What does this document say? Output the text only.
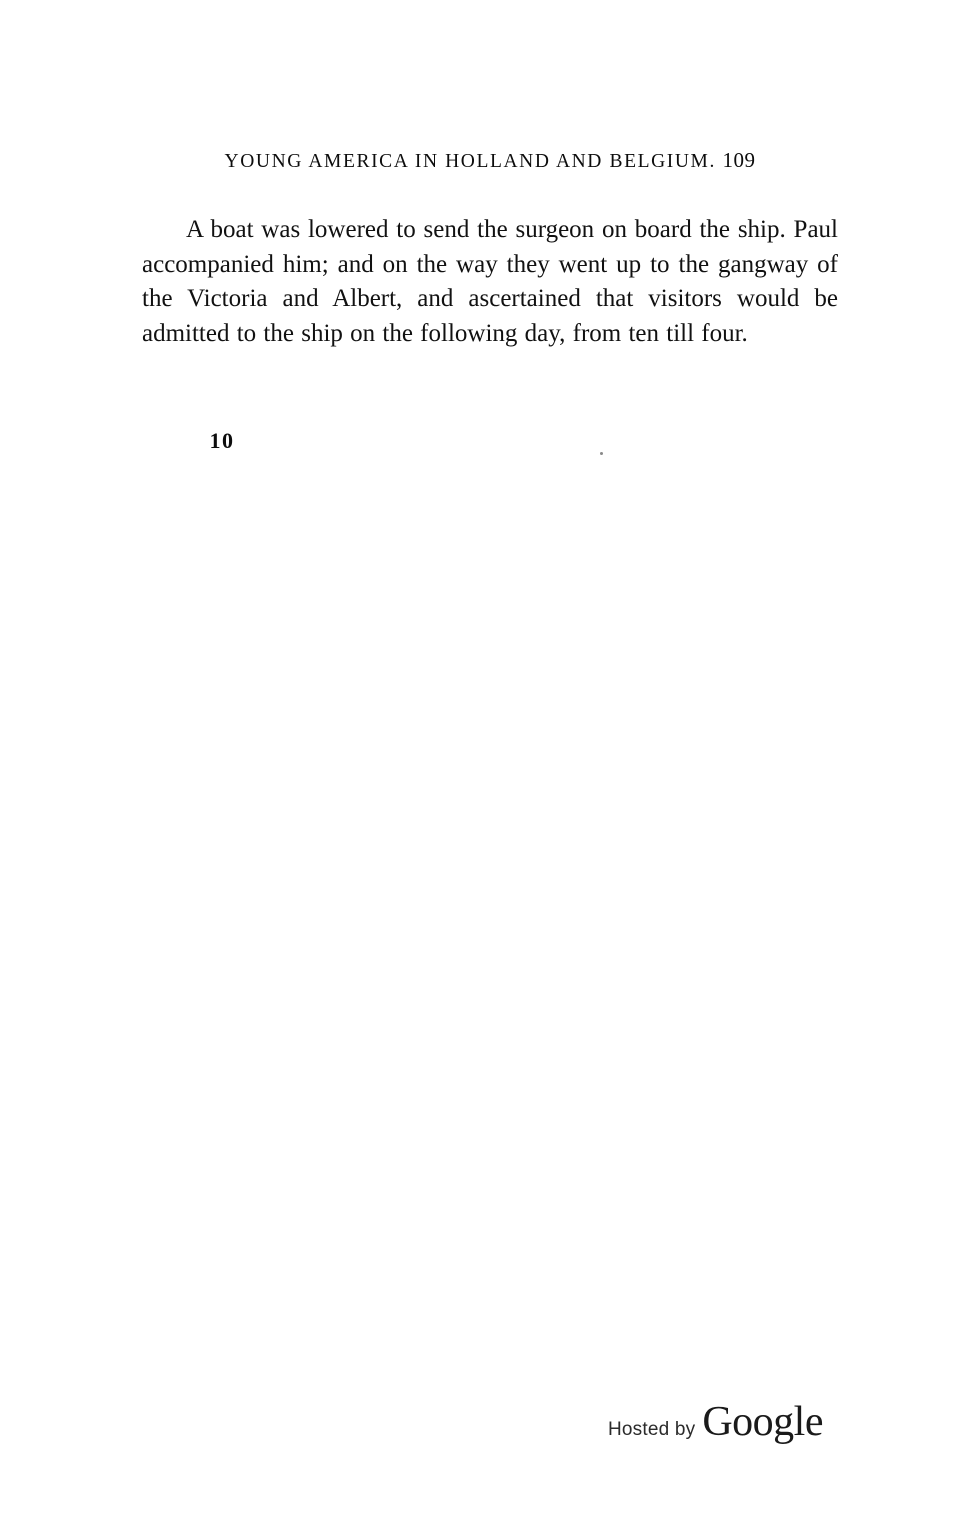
YOUNG AMERICA IN HOLLAND AND BELGIUM. 109

A boat was lowered to send the surgeon on board the ship. Paul accompanied him; and on the way they went up to the gangway of the Victoria and Albert, and ascertained that visitors would be admitted to the ship on the following day, from ten till four.

10
Hosted by Google
